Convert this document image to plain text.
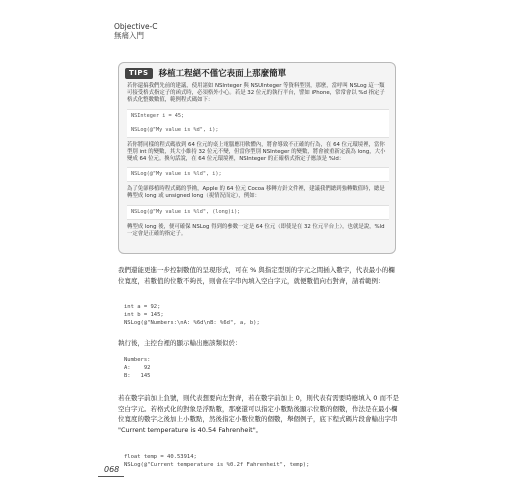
Objective-C
無痛入門
TIPS	移植工程絕不僅它表面上那麼簡單

若你還搞我們先前的建議，使用諸如 NSInteger 與 NSUInteger 等資料型別，那麼，當呼叫 NSLog 這一類可接受格式指定子的函式時，必須格外小心。若是 32 位元的執行平台，譬如 iPhone，常常會以 %d 指定子格式化整數數值，範例程式碼如下：

NSInteger i = 45;

NSLog(@"My value is %d", i);

若你將同樣的程式碼放到 64 位元的桌上電腦應用軟體內，將會導致不正確的行為，在 64 位元環境裡，當你型別 int 的變數，其大小維持 32 位元不變，但當你型別 NSInteger 的變數，將會被重新定義為 long，大小變成 64 位元。換句話說，在 64 位元環境裡，NSInteger 的正確格式指定子應該是 %ld：

NSLog(@"My value is %ld", i);

為了免卻移植時程式碼的爭拗，Apple 的 64 位元 Cocoa 移轉方針文件裡，建議我們總到強轉數值時，總是轉型成 long 或 unsigned long（視情況而定），例如：

NSLog(@"My value is %ld", (long)i);

轉型成 long 後，便可確保 NSLog 得到的參數一定是 64 位元（即使是在 32 位元平台上），也就是說，%ld 一定會是正確的指定子。

我們還能更進一步控制數值的呈現形式，可在 % 與指定型別的字元之間插入數字，代表最小的欄位寬度，若數值的位數不夠長，則會在字串內填入空白字元，就便數值向右對齊，請看範例：
int a = 92;
int b = 145;
NSLog(@"Numbers:\nA: %6d\nB: %6d", a, b);
執行後，主控台裡的顯示輸出應該類似於：
Numbers:
A:    92
B:   145
若在數字前加上負號，則代表想要向左對齊，若在數字前加上 0，則代表有需要時應填入 0 而不是空白字元。若格式化的對象是浮點數，那麼還可以指定小數點後顯示位數的個數，作法是在最小欄位寬度的數字之後加上小數點，然後指定小數位數的個數，舉個例子，底下程式碼片段會輸出字串 "Current temperature is 40.54 Fahrenheit"。
float temp = 40.53914;
NSLog(@"Current temperature is %0.2f Fahrenheit", temp);
068
